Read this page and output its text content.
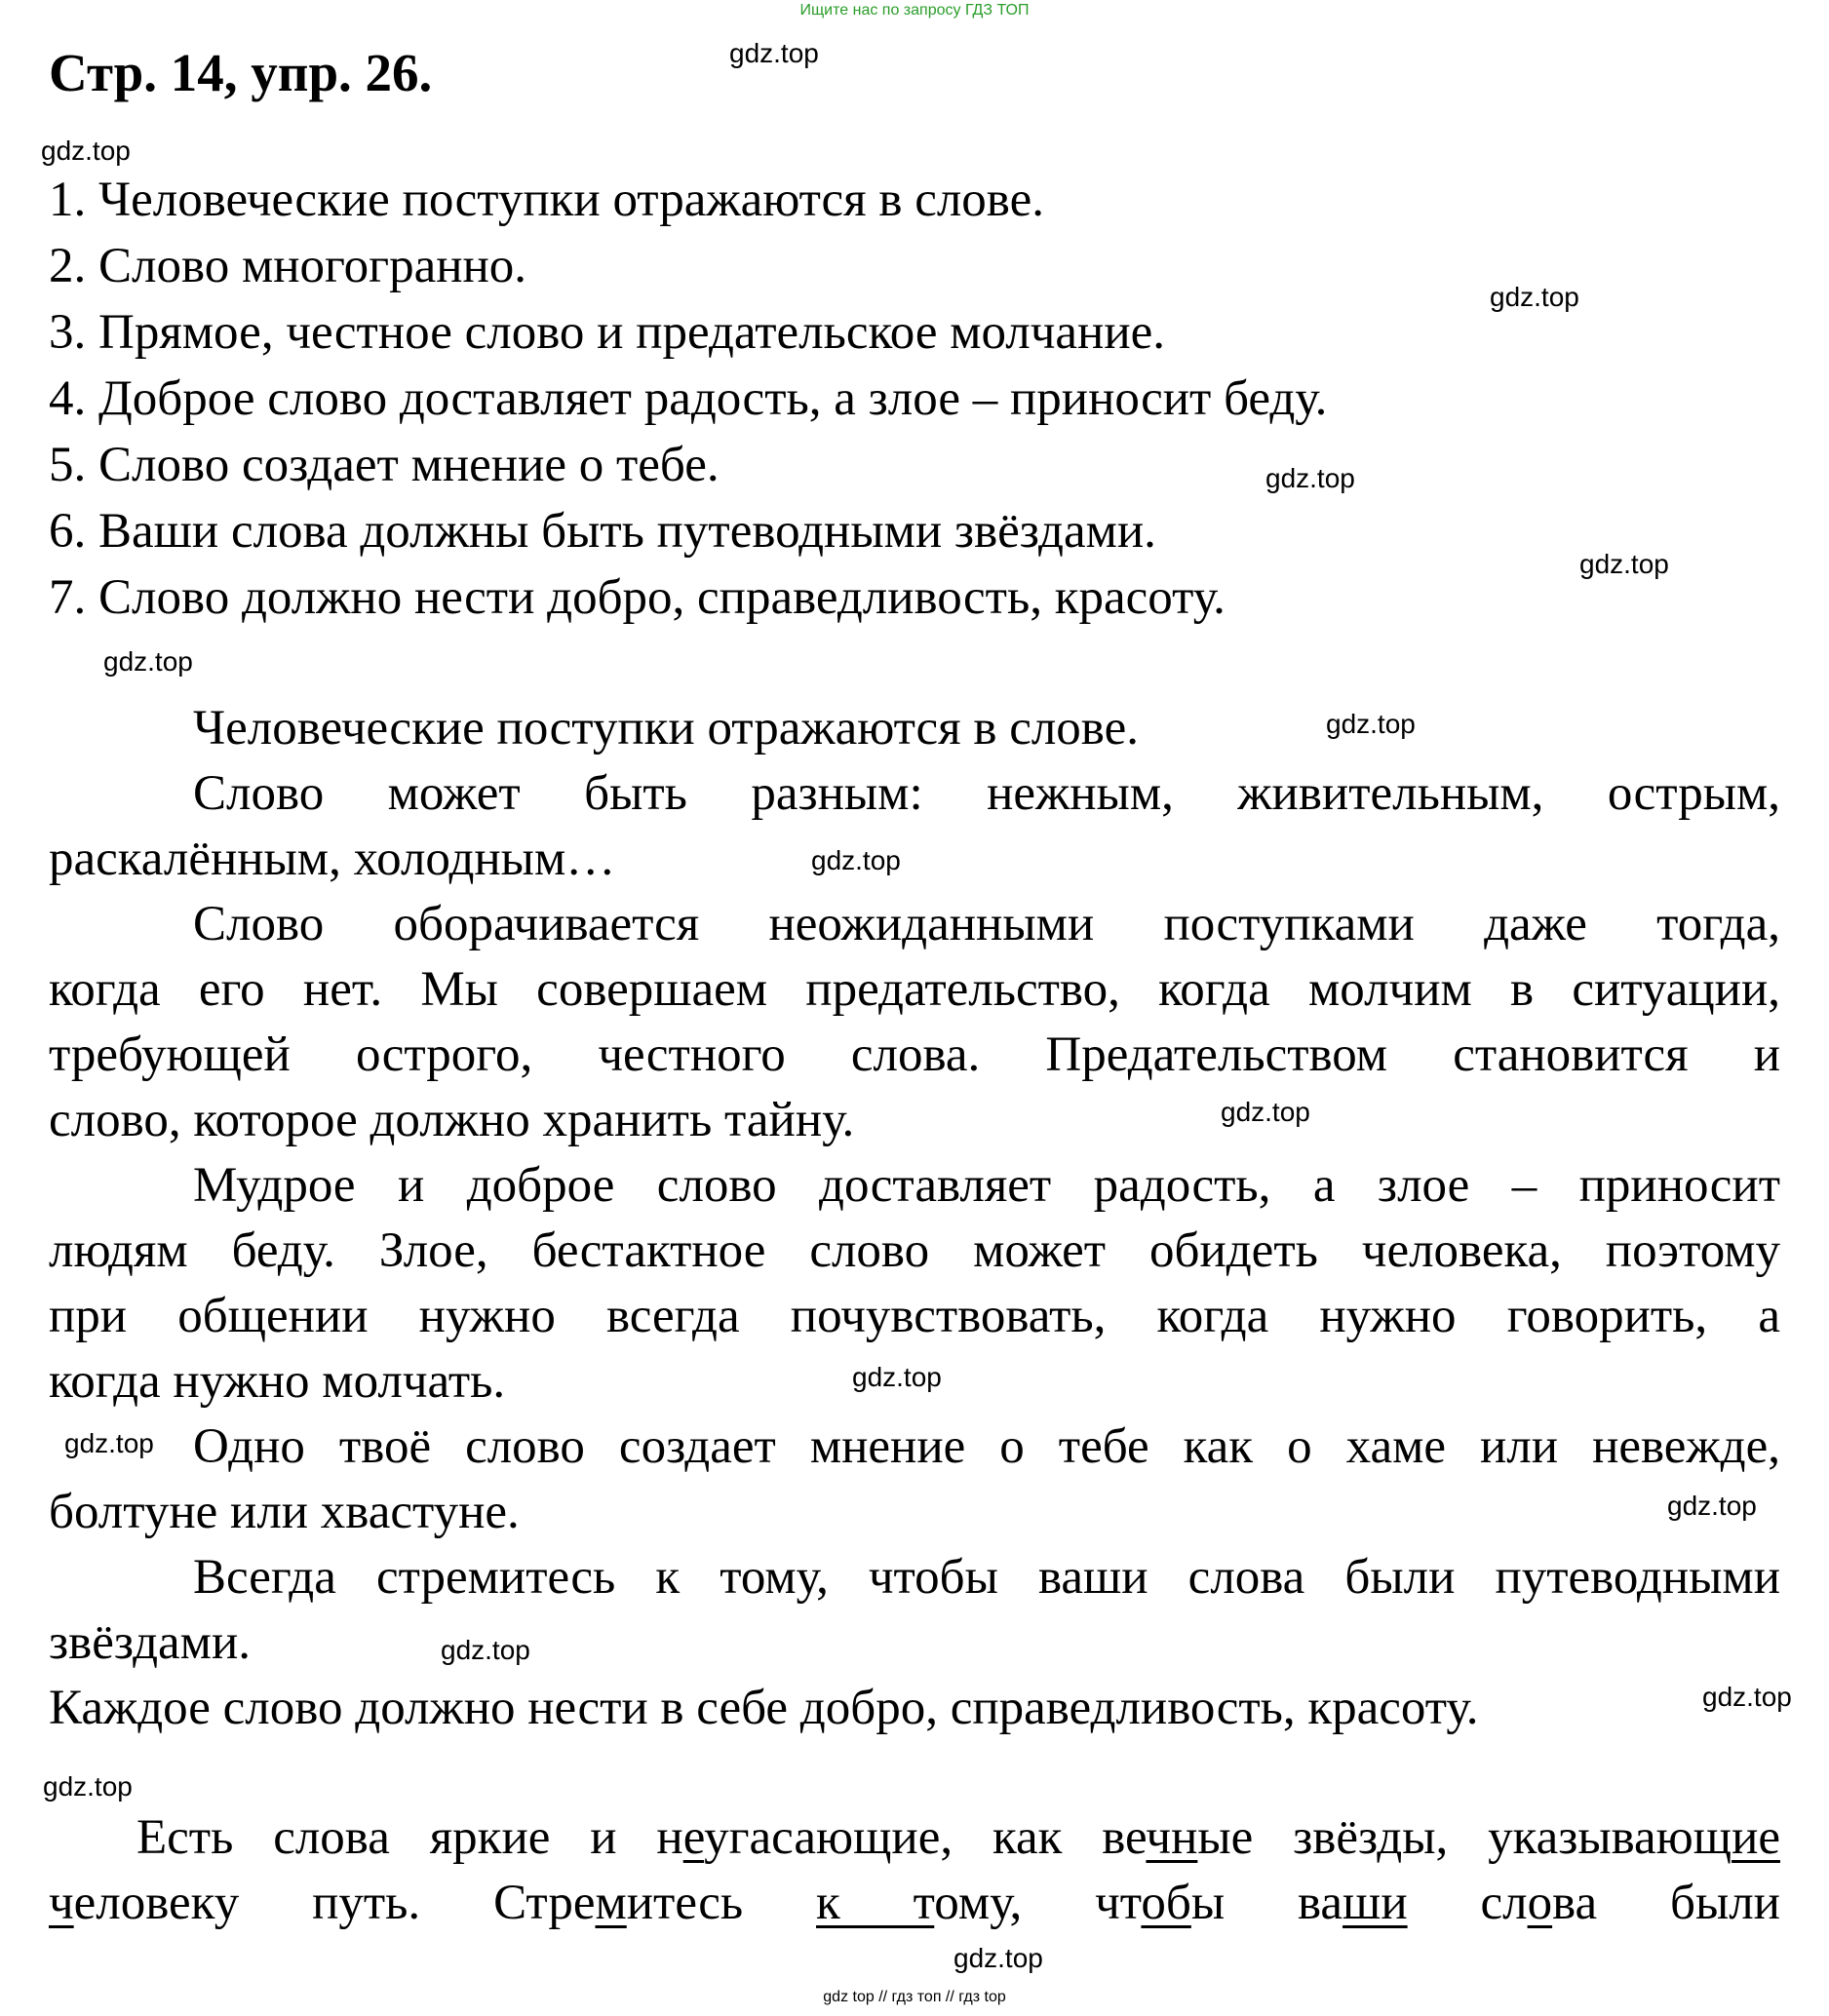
Ищите нас по запросу ГДЗ ТОП
Стр. 14, упр. 26.
1. Человеческие поступки отражаются в слове.
2. Слово многогранно.
3. Прямое, честное слово и предательское молчание.
4. Доброе слово доставляет радость, а злое – приносит беду.
5. Слово создает мнение о тебе.
6. Ваши слова должны быть путеводными звёздами.
7. Слово должно нести добро, справедливость, красоту.
Человеческие поступки отражаются в слове.
Слово может быть разным: нежным, живительным, острым,
раскалённым, холодным…
Слово оборачивается неожиданными поступками даже тогда,
когда его нет. Мы совершаем предательство, когда молчим в ситуации,
требующей острого, честного слова. Предательством становится и
слово, которое должно хранить тайну.
Мудрое и доброе слово доставляет радость, а злое – приносит
людям беду. Злое, бестактное слово может обидеть человека, поэтому
при общении нужно всегда почувствовать, когда нужно говорить, а
когда нужно молчать.
Одно твоё слово создает мнение о тебе как о хаме или невежде,
болтуне или хвастуне.
Всегда стремитесь к тому, чтобы ваши слова были путеводными
звёздами.
Каждое слово должно нести в себе добро, справедливость, красоту.
Есть слова яркие и неугасающие, как вечные звёзды, указывающие
человеку путь. Стремитесь к тому, чтобы ваши слова были
gdz.top
gdz.top
gdz.top
gdz.top
gdz.top
gdz.top
gdz.top
gdz.top
gdz.top
gdz.top
gdz.top
gdz.top
gdz.top
gdz.top
gdz.top
gdz.top
gdz top // гдз топ // гдз top
